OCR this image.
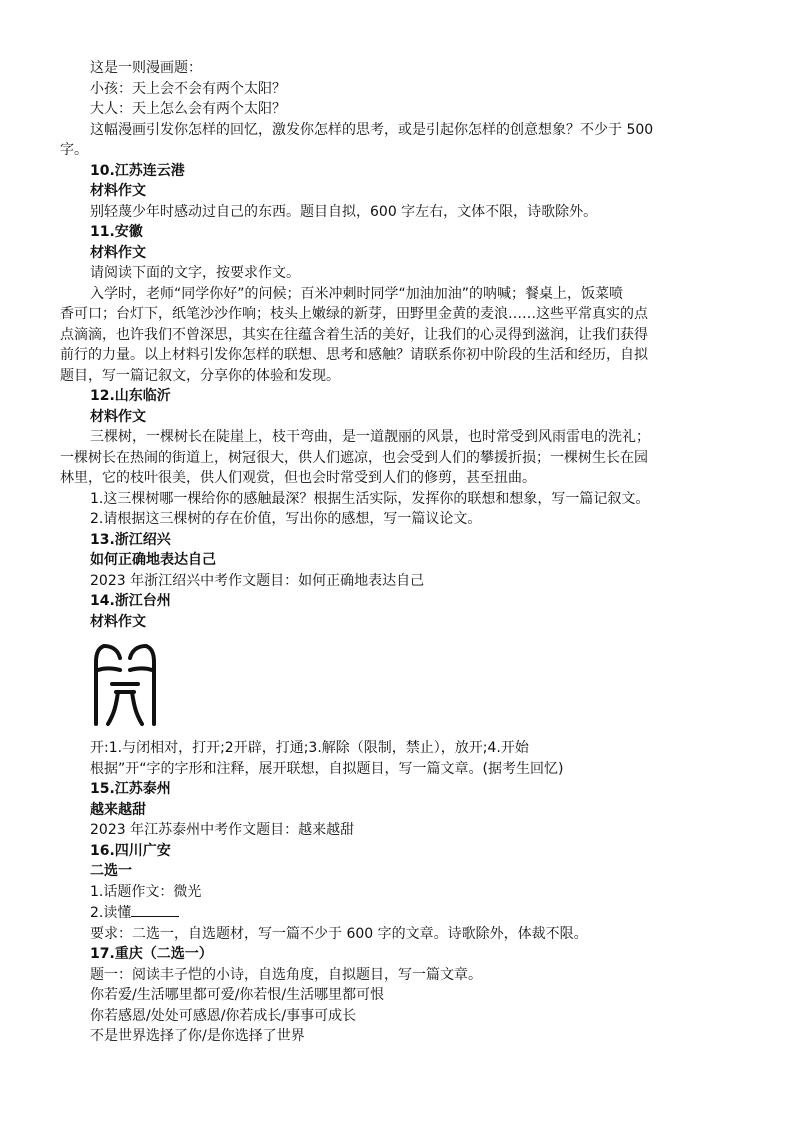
这是一则漫画题：
小孩：天上会不会有两个太阳？
大人：天上怎么会有两个太阳？
这幅漫画引发你怎样的回忆，激发你怎样的思考，或是引起你怎样的创意想象？不少于 500
字。
10.江苏连云港
材料作文
别轻蔑少年时感动过自己的东西。题目自拟，600 字左右，文体不限，诗歌除外。
11.安徽
材料作文
请阅读下面的文字，按要求作文。
入学时，老师“同学你好”的问候；百米冲刺时同学“加油加油”的呐喊；餐桌上，饭菜喷
香可口；台灯下，纸笔沙沙作响；枝头上嫩绿的新芽，田野里金黄的麦浪……这些平常真实的点
点滴滴，也许我们不曾深思，其实在往蕴含着生活的美好，让我们的心灵得到滋润，让我们获得
前行的力量。以上材料引发你怎样的联想、思考和感触？请联系你初中阶段的生活和经历，自拟
题目，写一篇记叙文，分享你的体验和发现。
12.山东临沂
材料作文
三棵树，一棵树长在陡崖上，枝干弯曲，是一道靓丽的风景，也时常受到风雨雷电的洗礼；
一棵树长在热闹的街道上，树冠很大，供人们遮凉，也会受到人们的攀援折损；一棵树生长在园
林里，它的枝叶很美，供人们观赏，但也会时常受到人们的修剪，甚至扭曲。
1.这三棵树哪一棵给你的感触最深？根据生活实际，发挥你的联想和想象，写一篇记叙文。
2.请根据这三棵树的存在价值，写出你的感想，写一篇议论文。
13.浙江绍兴
如何正确地表达自己
2023 年浙江绍兴中考作文题目：如何正确地表达自己
14.浙江台州
材料作文
开:1.与闭相对，打开;2开辟，打通;3.解除（限制，禁止），放开;4.开始
根据”开“字的字形和注释，展开联想，自拟题目，写一篇文章。(据考生回忆)
15.江苏泰州
越来越甜
2023 年江苏泰州中考作文题目：越来越甜
16.四川广安
二选一
1.话题作文：微光
2.读懂
要求：二选一，自选题材，写一篇不少于 600 字的文章。诗歌除外，体裁不限。
17.重庆（二选一）
题一：阅读丰子恺的小诗，自选角度，自拟题目，写一篇文章。
你若爱/生活哪里都可爱/你若恨/生活哪里都可恨
你若感恩/处处可感恩/你若成长/事事可成长
不是世界选择了你/是你选择了世界
